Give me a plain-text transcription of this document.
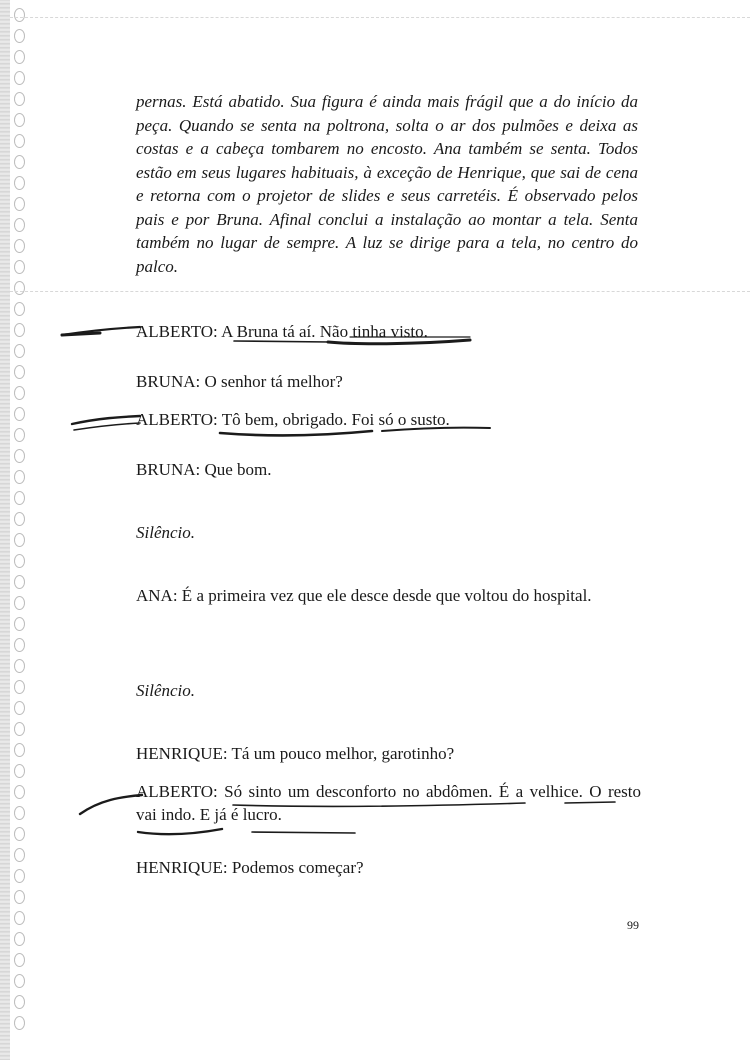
pernas. Está abatido. Sua figura é ainda mais frágil que a do início da peça. Quando se senta na poltrona, solta o ar dos pulmões e deixa as costas e a cabeça tombarem no encosto. Ana também se senta. Todos estão em seus lugares habituais, à exceção de Henrique, que sai de cena e retorna com o projetor de slides e seus carretéis. É observado pelos pais e por Bruna. Afinal conclui a instalação ao montar a tela. Senta também no lugar de sempre. A luz se dirige para a tela, no centro do palco.

ALBERTO: A Bruna tá aí. Não tinha visto.

BRUNA: O senhor tá melhor?

ALBERTO: Tô bem, obrigado. Foi só o susto.

BRUNA: Que bom.

Silêncio.

ANA: É a primeira vez que ele desce desde que voltou do hospital.

Silêncio.

HENRIQUE: Tá um pouco melhor, garotinho?

ALBERTO: Só sinto um desconforto no abdômen. É a velhice. O resto vai indo. E já é lucro.

HENRIQUE: Podemos começar?

99
